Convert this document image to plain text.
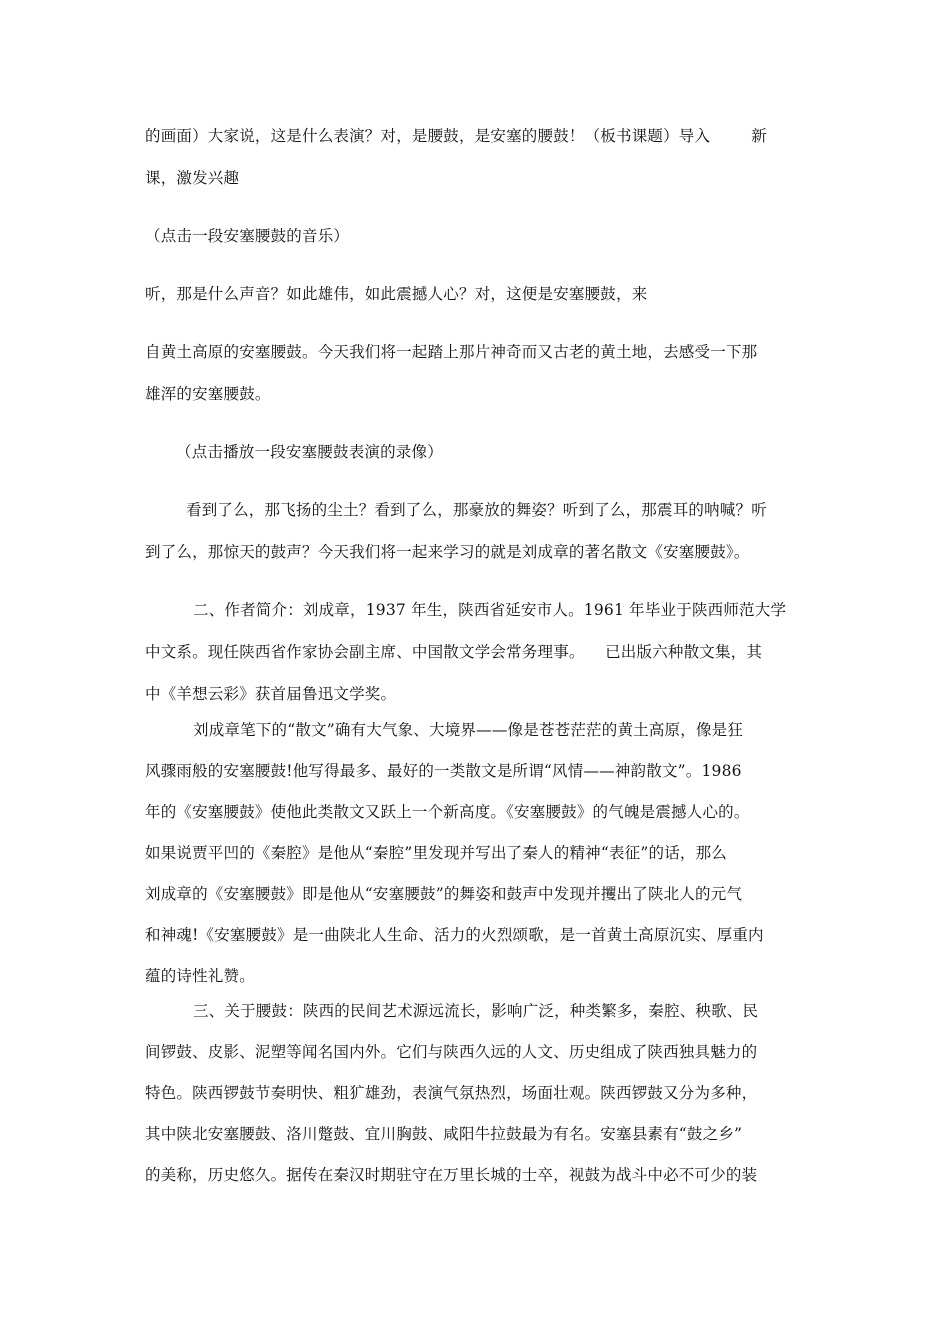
的画面）大家说，这是什么表演？对，是腰鼓，是安塞的腰鼓！（板书课题）导入        新
课，激发兴趣
（点击一段安塞腰鼓的音乐）
听，那是什么声音？如此雄伟，如此震撼人心？对，这便是安塞腰鼓，来
自黄土高原的安塞腰鼓。今天我们将一起踏上那片神奇而又古老的黄土地，去感受一下那
雄浑的安塞腰鼓。
（点击播放一段安塞腰鼓表演的录像）
看到了么，那飞扬的尘土？看到了么，那豪放的舞姿？听到了么，那震耳的呐喊？听
到了么，那惊天的鼓声？今天我们将一起来学习的就是刘成章的著名散文《安塞腰鼓》。
二、作者简介：刘成章，1937 年生，陕西省延安市人。1961 年毕业于陕西师范大学
中文系。现任陕西省作家协会副主席、中国散文学会常务理事。    已出版六种散文集，其
中《羊想云彩》获首届鲁迅文学奖。
刘成章笔下的“散文”确有大气象、大境界——像是苍苍茫茫的黄土高原，像是狂
风骤雨般的安塞腰鼓!他写得最多、最好的一类散文是所谓“风情——神韵散文”。1986
年的《安塞腰鼓》使他此类散文又跃上一个新高度。《安塞腰鼓》的气魄是震撼人心的。
如果说贾平凹的《秦腔》是他从“秦腔”里发现并写出了秦人的精神“表征”的话，那么
刘成章的《安塞腰鼓》即是他从“安塞腰鼓”的舞姿和鼓声中发现并攫出了陕北人的元气
和神魂!《安塞腰鼓》是一曲陕北人生命、活力的火烈颂歌，是一首黄土高原沉实、厚重内
蕴的诗性礼赞。
三、关于腰鼓：陕西的民间艺术源远流长，影响广泛，种类繁多，秦腔、秧歌、民
间锣鼓、皮影、泥塑等闻名国内外。它们与陕西久远的人文、历史组成了陕西独具魅力的
特色。陕西锣鼓节奏明快、粗犷雄劲，表演气氛热烈，场面壮观。陕西锣鼓又分为多种，
其中陕北安塞腰鼓、洛川蹩鼓、宜川胸鼓、咸阳牛拉鼓最为有名。安塞县素有“鼓之乡”
的美称，历史悠久。据传在秦汉时期驻守在万里长城的士卒，视鼓为战斗中必不可少的装
